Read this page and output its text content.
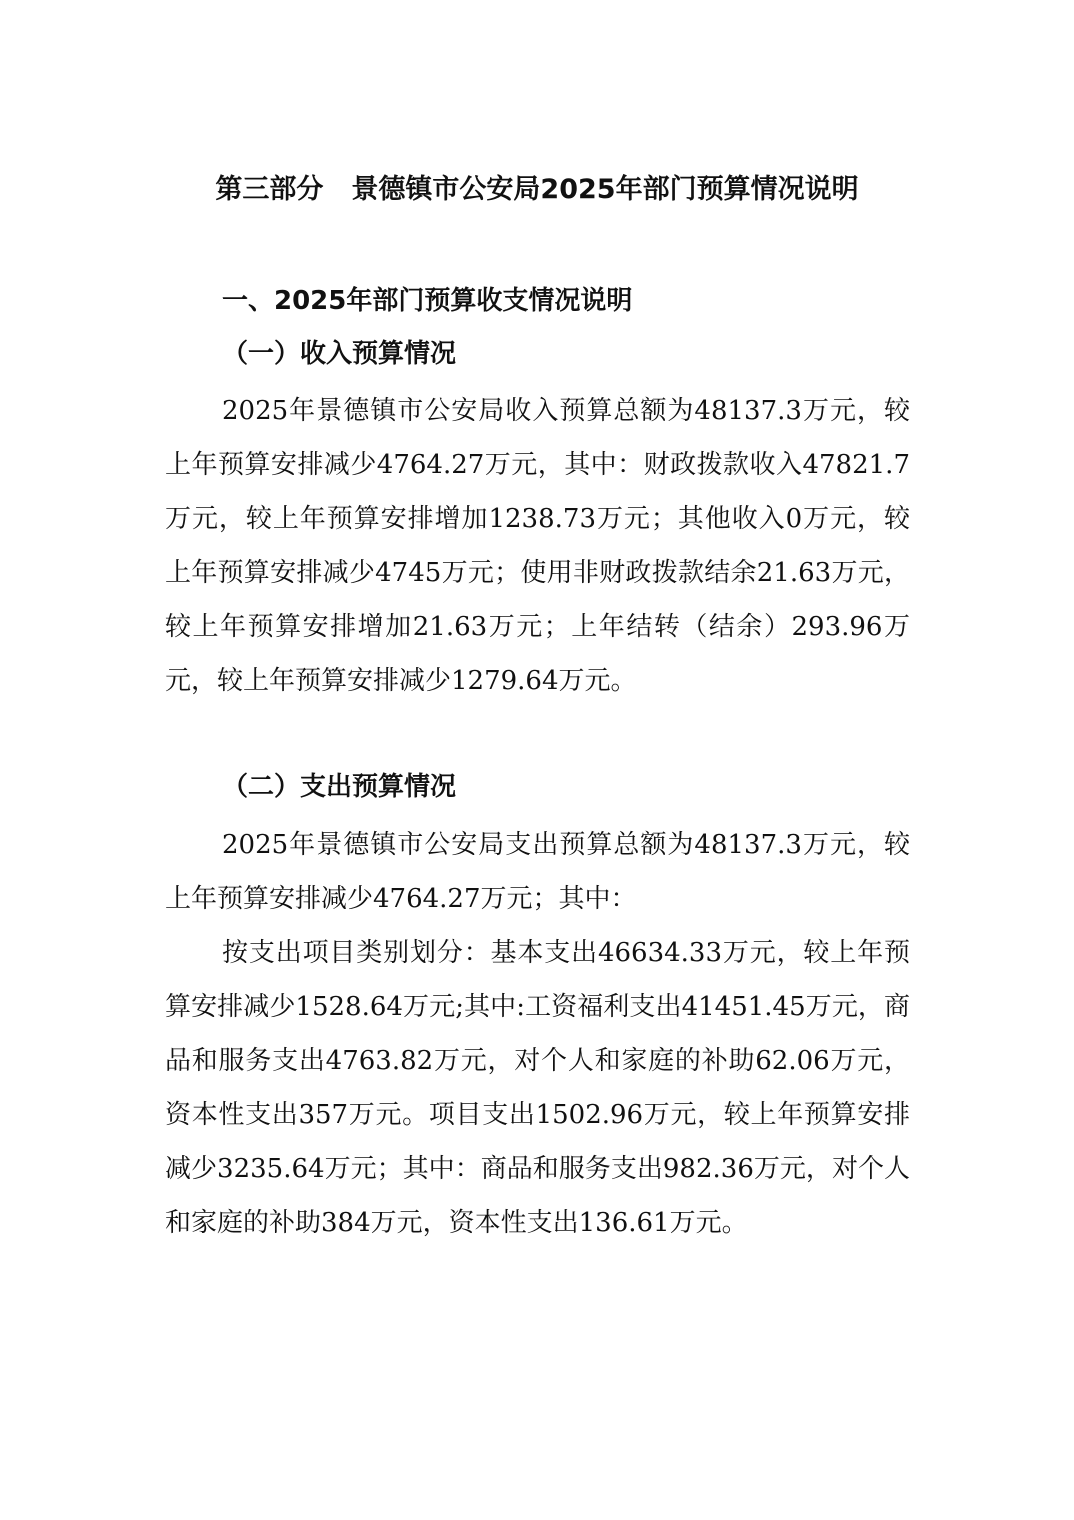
第三部分 景德镇市公安局2025年部门预算情况说明
一、2025年部门预算收支情况说明
（一）收入预算情况

2025年景德镇市公安局收入预算总额为48137.3万元，较上年预算安排减少4764.27万元，其中：财政拨款收入47821.7万元，较上年预算安排增加1238.73万元；其他收入0万元，较上年预算安排减少4745万元；使用非财政拨款结余21.63万元，较上年预算安排增加21.63万元；上年结转（结余）293.96万元，较上年预算安排减少1279.64万元。

（二）支出预算情况

2025年景德镇市公安局支出预算总额为48137.3万元，较上年预算安排减少4764.27万元；其中：

按支出项目类别划分：基本支出46634.33万元，较上年预算安排减少1528.64万元;其中:工资福利支出41451.45万元，商品和服务支出4763.82万元，对个人和家庭的补助62.06万元，资本性支出357万元。项目支出1502.96万元，较上年预算安排减少3235.64万元；其中：商品和服务支出982.36万元，对个人和家庭的补助384万元，资本性支出136.61万元。
